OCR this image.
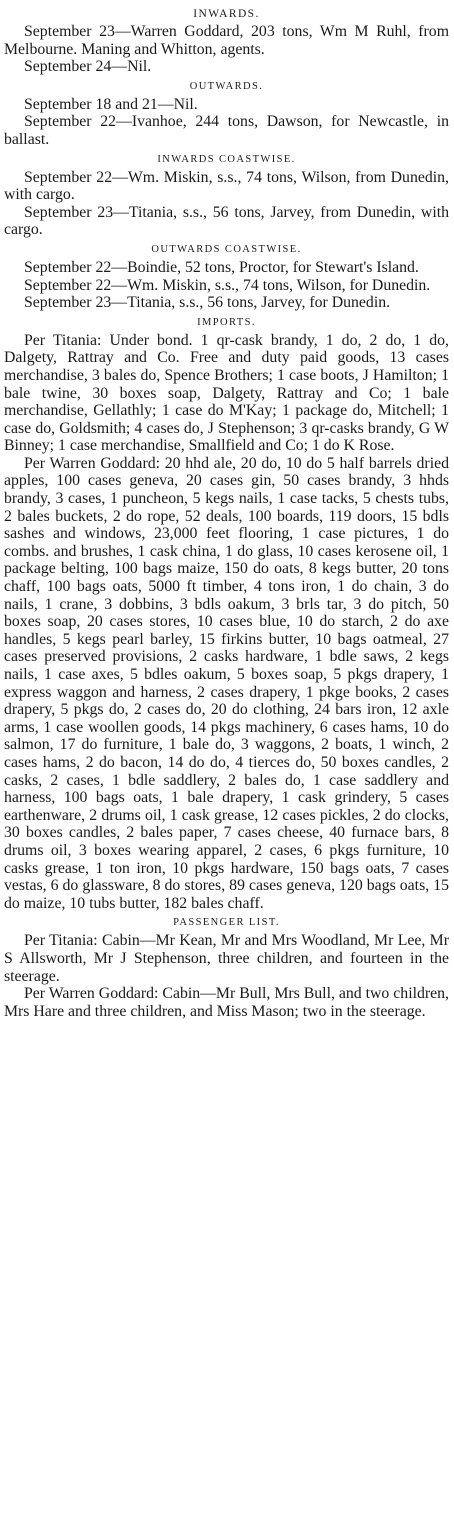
INWARDS.

September 23—Warren Goddard, 203 tons, Wm M Ruhl, from Melbourne. Maning and Whitton, agents.

September 24—Nil.

OUTWARDS.

September 18 and 21—Nil.

September 22—Ivanhoe, 244 tons, Dawson, for Newcastle, in ballast.

INWARDS COASTWISE.

September 22—Wm. Miskin, s.s., 74 tons, Wilson, from Dunedin, with cargo.

September 23—Titania, s.s., 56 tons, Jarvey, from Dunedin, with cargo.

OUTWARDS COASTWISE.

September 22—Boindie, 52 tons, Proctor, for Stewart's Island.

September 22—Wm. Miskin, s.s., 74 tons, Wilson, for Dunedin.

September 23—Titania, s.s., 56 tons, Jarvey, for Dunedin.

IMPORTS.

Per Titania: Under bond. 1 qr-cask brandy, 1 do, 2 do, 1 do, Dalgety, Rattray and Co. Free and duty paid goods, 13 cases merchandise, 3 bales do, Spence Brothers; 1 case boots, J Hamilton; 1 bale twine, 30 boxes soap, Dalgety, Rattray and Co; 1 bale merchandise, Gellathly; 1 case do M'Kay; 1 package do, Mitchell; 1 case do, Goldsmith; 4 cases do, J Stephenson; 3 qr-casks brandy, G W Binney; 1 case merchandise, Smallfield and Co; 1 do K Rose.

Per Warren Goddard: 20 hhd ale, 20 do, 10 do 5 half barrels dried apples, 100 cases geneva, 20 cases gin, 50 cases brandy, 3 hhds brandy, 3 cases, 1 puncheon, 5 kegs nails, 1 case tacks, 5 chests tubs, 2 bales buckets, 2 do rope, 52 deals, 100 boards, 119 doors, 15 bdls sashes and windows, 23,000 feet flooring, 1 case pictures, 1 do combs. and brushes, 1 cask china, 1 do glass, 10 cases kerosene oil, 1 package belting, 100 bags maize, 150 do oats, 8 kegs butter, 20 tons chaff, 100 bags oats, 5000 ft timber, 4 tons iron, 1 do chain, 3 do nails, 1 crane, 3 dobbins, 3 bdls oakum, 3 brls tar, 3 do pitch, 50 boxes soap, 20 cases stores, 10 cases blue, 10 do starch, 2 do axe handles, 5 kegs pearl barley, 15 firkins butter, 10 bags oatmeal, 27 cases preserved provisions, 2 casks hardware, 1 bdle saws, 2 kegs nails, 1 case axes, 5 bdles oakum, 5 boxes soap, 5 pkgs drapery, 1 express waggon and harness, 2 cases drapery, 1 pkge books, 2 cases drapery, 5 pkgs do, 2 cases do, 20 do clothing, 24 bars iron, 12 axle arms, 1 case woollen goods, 14 pkgs machinery, 6 cases hams, 10 do salmon, 17 do furniture, 1 bale do, 3 waggons, 2 boats, 1 winch, 2 cases hams, 2 do bacon, 14 do do, 4 tierces do, 50 boxes candles, 2 casks, 2 cases, 1 bdle saddlery, 2 bales do, 1 case saddlery and harness, 100 bags oats, 1 bale drapery, 1 cask grindery, 5 cases earthenware, 2 drums oil, 1 cask grease, 12 cases pickles, 2 do clocks, 30 boxes candles, 2 bales paper, 7 cases cheese, 40 furnace bars, 8 drums oil, 3 boxes wearing apparel, 2 cases, 6 pkgs furniture, 10 casks grease, 1 ton iron, 10 pkgs hardware, 150 bags oats, 7 cases vestas, 6 do glassware, 8 do stores, 89 cases geneva, 120 bags oats, 15 do maize, 10 tubs butter, 182 bales chaff.

PASSENGER LIST.

Per Titania: Cabin—Mr Kean, Mr and Mrs Woodland, Mr Lee, Mr S Allsworth, Mr J Stephenson, three children, and fourteen in the steerage.

Per Warren Goddard: Cabin—Mr Bull, Mrs Bull, and two children, Mrs Hare and three children, and Miss Mason; two in the steerage.
